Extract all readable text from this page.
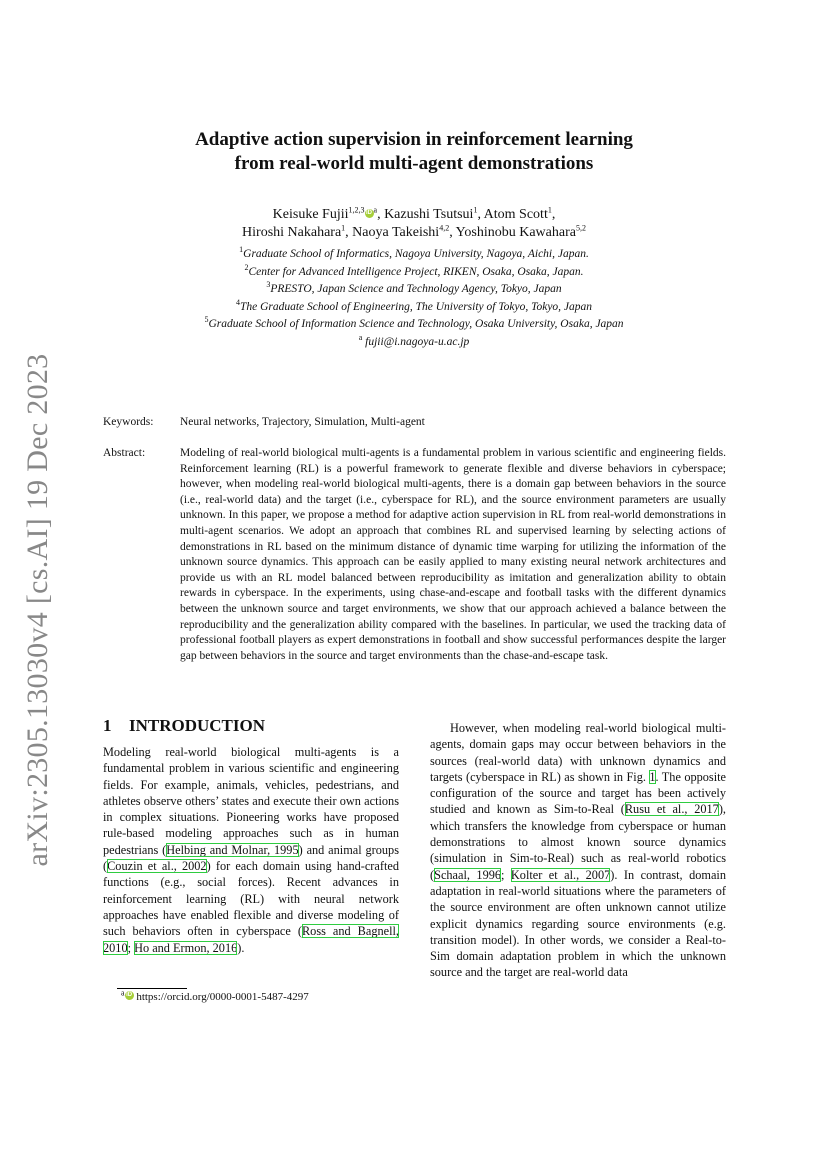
arXiv:2305.13030v4 [cs.AI] 19 Dec 2023
Adaptive action supervision in reinforcement learning
from real-world multi-agent demonstrations
Keisuke Fujii$^{1,2,3}$ iD $^a$, Kazushi Tsutsui$^1$, Atom Scott$^1$,
Hiroshi Nakahara$^1$, Naoya Takeishi$^{4,2}$, Yoshinobu Kawahara$^{5,2}$
$^1$Graduate School of Informatics, Nagoya University, Nagoya, Aichi, Japan.
$^2$Center for Advanced Intelligence Project, RIKEN, Osaka, Osaka, Japan.
$^3$PRESTO, Japan Science and Technology Agency, Tokyo, Japan
$^4$The Graduate School of Engineering, The University of Tokyo, Tokyo, Japan
$^5$Graduate School of Information Science and Technology, Osaka University, Osaka, Japan
$^a$ fujii@i.nagoya-u.ac.jp
Keywords: Neural networks, Trajectory, Simulation, Multi-agent
Abstract:	Modeling of real-world biological multi-agents is a fundamental problem in various scientific and engineering fields. Reinforcement learning (RL) is a powerful framework to generate flexible and diverse behaviors in cyberspace; however, when modeling real-world biological multi-agents, there is a domain gap between behaviors in the source (i.e., real-world data) and the target (i.e., cyberspace for RL), and the source environment parameters are usually unknown. In this paper, we propose a method for adaptive action supervision in RL from real-world demonstrations in multi-agent scenarios. We adopt an approach that combines RL and supervised learning by selecting actions of demonstrations in RL based on the minimum distance of dynamic time warping for utilizing the information of the unknown source dynamics. This approach can be easily applied to many existing neural network architectures and provide us with an RL model balanced between reproducibility as imitation and generalization ability to obtain rewards in cyberspace. In the experiments, using chase-and-escape and football tasks with the different dynamics between the unknown source and target environments, we show that our approach achieved a balance between the reproducibility and the generalization ability compared with the baselines. In particular, we used the tracking data of professional football players as expert demonstrations in football and show successful performances despite the larger gap between behaviors in the source and target environments than the chase-and-escape task.
1 INTRODUCTION
Modeling real-world biological multi-agents is a fundamental problem in various scientific and engineering fields. For example, animals, vehicles, pedestrians, and athletes observe others’ states and execute their own actions in complex situations. Pioneering works have proposed rule-based modeling approaches such as in human pedestrians (Helbing and Molnar, 1995) and animal groups (Couzin et al., 2002) for each domain using hand-crafted functions (e.g., social forces). Recent advances in reinforcement learning (RL) with neural network approaches have enabled flexible and diverse modeling of such behaviors often in cyberspace (Ross and Bagnell, 2010; Ho and Ermon, 2016).
However, when modeling real-world biological multi-agents, domain gaps may occur between behaviors in the sources (real-world data) with unknown dynamics and targets (cyberspace in RL) as shown in Fig. 1. The opposite configuration of the source and target has been actively studied and known as Sim-to-Real (Rusu et al., 2017), which transfers the knowledge from cyberspace or human demonstrations to almost known source dynamics (simulation in Sim-to-Real) such as real-world robotics (Schaal, 1996; Kolter et al., 2007). In contrast, domain adaptation in real-world situations where the parameters of the source environment are often unknown cannot utilize explicit dynamics regarding source environments (e.g. transition model). In other words, we consider a Real-to-Sim domain adaptation problem in which the unknown source and the target are real-world data
$^a$ iD https://orcid.org/0000-0001-5487-4297
